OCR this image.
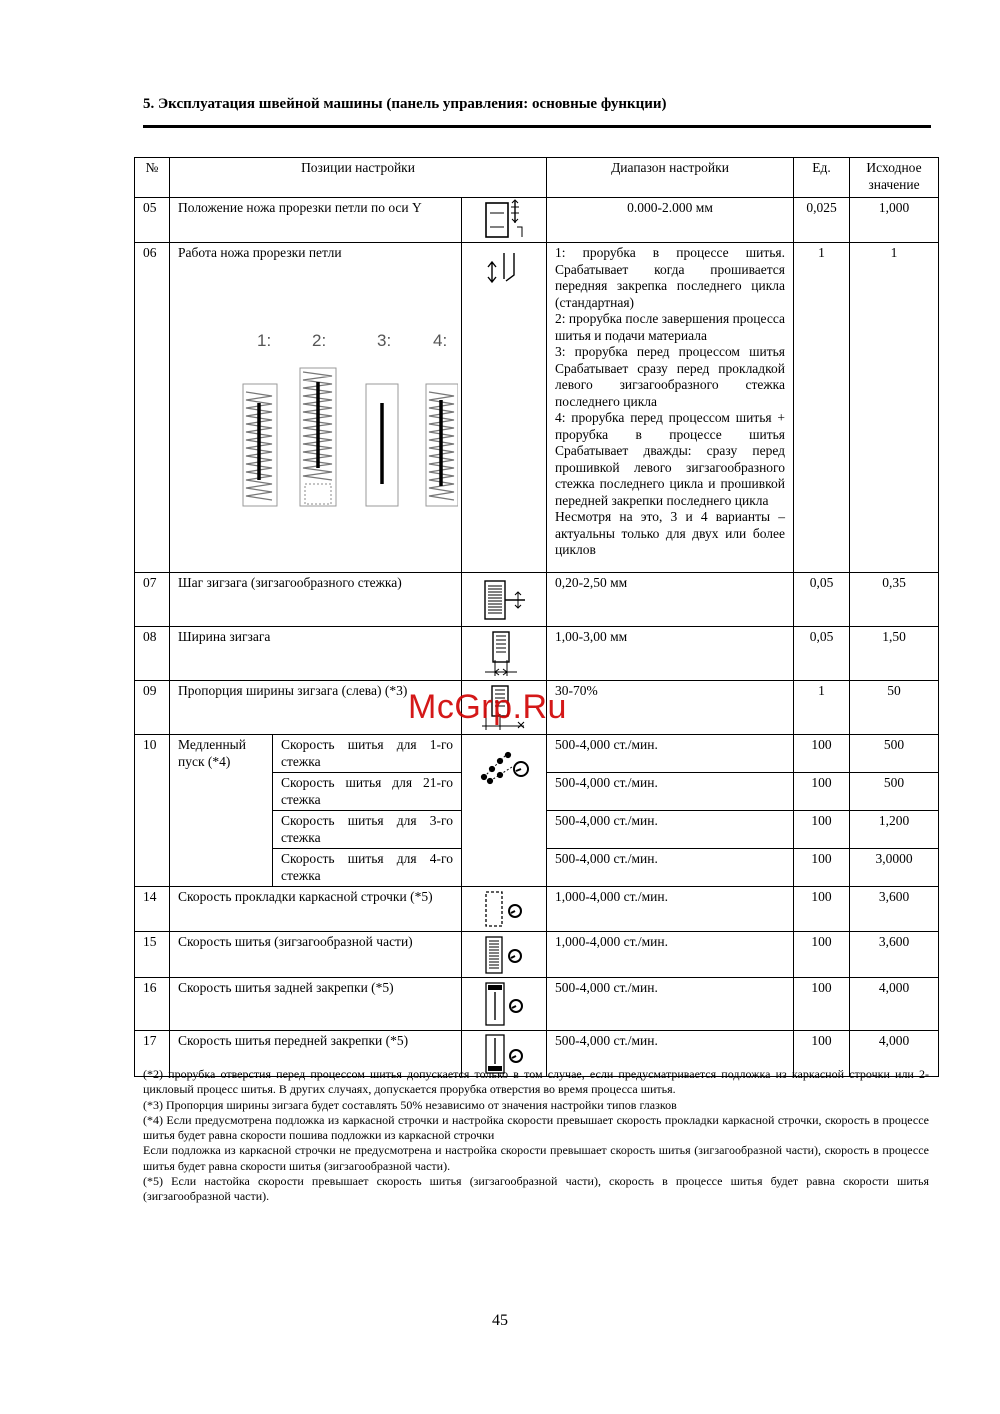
5. Эксплуатация швейной машины (панель управления: основные функции)
№	Позиции настройки			Диапазон настройки	Ед.	Исходное значение
05	Положение ножа прорезки петли по оси Y			0.000-2.000 мм	0,025	1,000
06	Работа ножа прорезки петли			1: прорубка в процессе шитья. Срабатывает когда прошивается передняя закрепка последнего цикла (стандартная)
2: прорубка после завершения процесса шитья и подачи материала
3: прорубка перед процессом шитья Срабатывает сразу перед прокладкой левого зигзагообразного стежка последнего цикла
4: прорубка перед процессом шитья + прорубка в процессе шитья Срабатывает дважды: сразу перед прошивкой левого зигзагообразного стежка последнего цикла и прошивкой передней закрепки последнего цикла
Несмотря на это, 3 и 4 варианты – актуальны только для двух или более циклов	1	1
07	Шаг зигзага (зигзагообразного стежка)			0,20-2,50 мм	0,05	0,35
08	Ширина зигзага			1,00-3,00 мм	0,05	1,50
09	Пропорция ширины зигзага (слева) (*3)			30-70%	1	50
10	Медленный пуск (*4)	Скорость шитья для 1-го стежка		500-4,000 ст./мин.	100	500
		Скорость шитья для 21-го стежка		500-4,000 ст./мин.	100	500
		Скорость шитья для 3-го стежка		500-4,000 ст./мин.	100	1,200
		Скорость шитья для 4-го стежка		500-4,000 ст./мин.	100	3,0000
14	Скорость прокладки каркасной строчки (*5)			1,000-4,000 ст./мин.	100	3,600
15	Скорость шитья (зигзагообразной части)			1,000-4,000 ст./мин.	100	3,600
16	Скорость шитья задней закрепки (*5)			500-4,000 ст./мин.	100	4,000
17	Скорость шитья передней закрепки (*5)			500-4,000 ст./мин.	100	4,000
1: 2:	3: 4:
McGrp.Ru

(*2) прорубка отверстия перед процессом шитья допускается только в том случае, если предусматривается подложка из каркасной строчки или 2-цикловый процесс шитья. В других случаях, допускается прорубка отверстия во время процесса шитья.

(*3) Пропорция ширины зигзага будет составлять 50% независимо от значения настройки типов глазков

(*4) Если предусмотрена подложка из каркасной строчки и настройка скорости превышает скорость прокладки каркасной строчки, скорость в процессе шитья будет равна скорости пошива подложки из каркасной строчки

Если подложка из каркасной строчки не предусмотрена и настройка скорости превышает скорость шитья (зигзагообразной части), скорость в процессе шитья будет равна скорости шитья (зигзагообразной части).

(*5) Если настойка скорости превышает скорость шитья (зигзагообразной части), скорость в процессе шитья будет равна скорости шитья (зигзагообразной части).

45
